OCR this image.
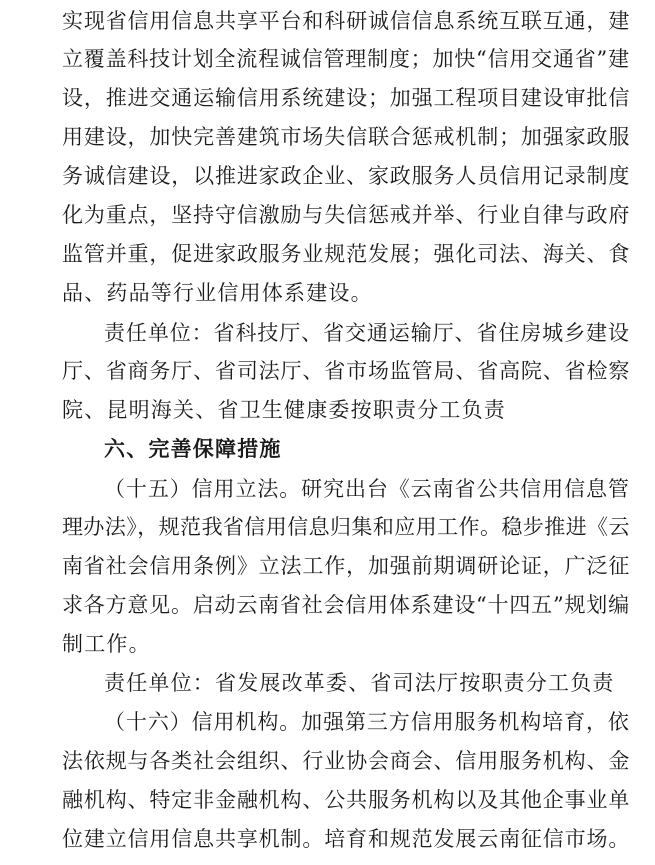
实现省信用信息共享平台和科研诚信信息系统互联互通，建
立覆盖科技计划全流程诚信管理制度；加快“信用交通省”建
设，推进交通运输信用系统建设；加强工程项目建设审批信
用建设，加快完善建筑市场失信联合惩戒机制；加强家政服
务诚信建设，以推进家政企业、家政服务人员信用记录制度
化为重点，坚持守信激励与失信惩戒并举、行业自律与政府
监管并重，促进家政服务业规范发展；强化司法、海关、食
品、药品等行业信用体系建设。
责任单位：省科技厅、省交通运输厅、省住房城乡建设
厅、省商务厅、省司法厅、省市场监管局、省高院、省检察
院、昆明海关、省卫生健康委按职责分工负责
六、完善保障措施
（十五）信用立法。研究出台《云南省公共信用信息管
理办法》，规范我省信用信息归集和应用工作。稳步推进《云
南省社会信用条例》立法工作，加强前期调研论证，广泛征
求各方意见。启动云南省社会信用体系建设“十四五”规划编
制工作。
责任单位：省发展改革委、省司法厅按职责分工负责
（十六）信用机构。加强第三方信用服务机构培育，依
法依规与各类社会组织、行业协会商会、信用服务机构、金
融机构、特定非金融机构、公共服务机构以及其他企事业单
位建立信用信息共享机制。培育和规范发展云南征信市场。
